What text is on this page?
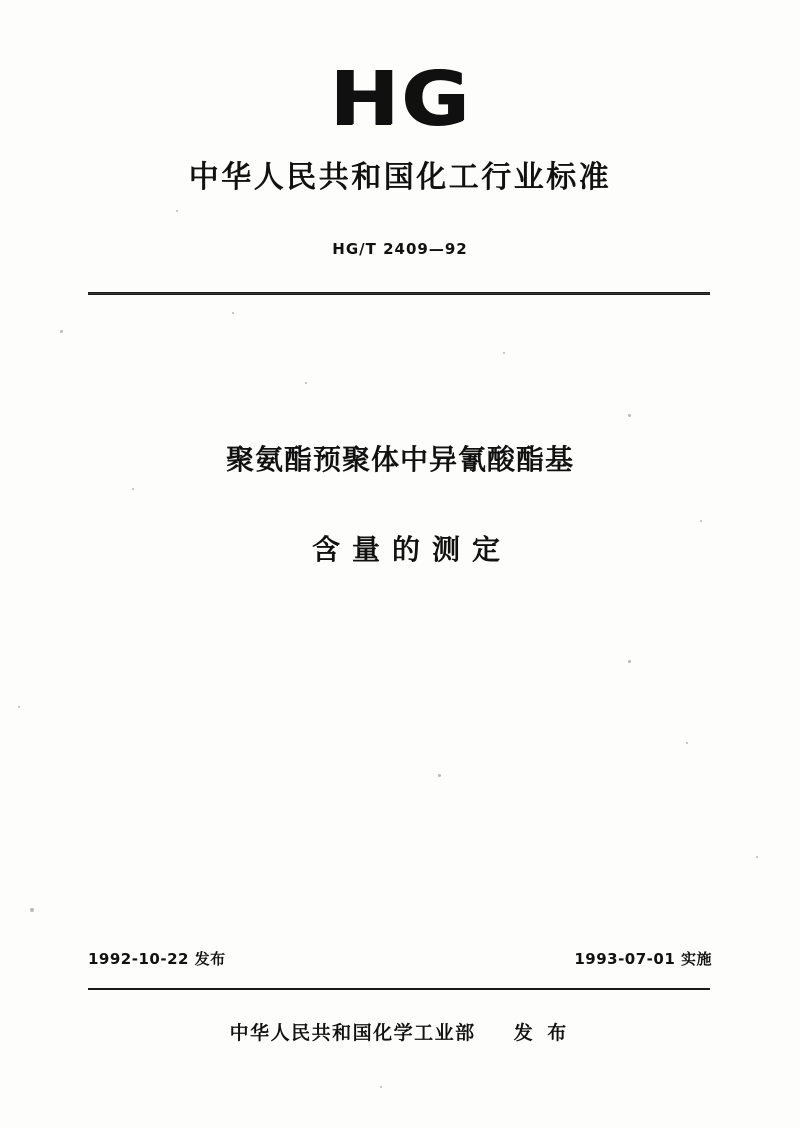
HG
中华人民共和国化工行业标准
HG/T 2409—92
聚氨酯预聚体中异氰酸酯基
含量的测定
1992-10-22 发布	1993-07-01 实施
中华人民共和国化学工业部 发 布
